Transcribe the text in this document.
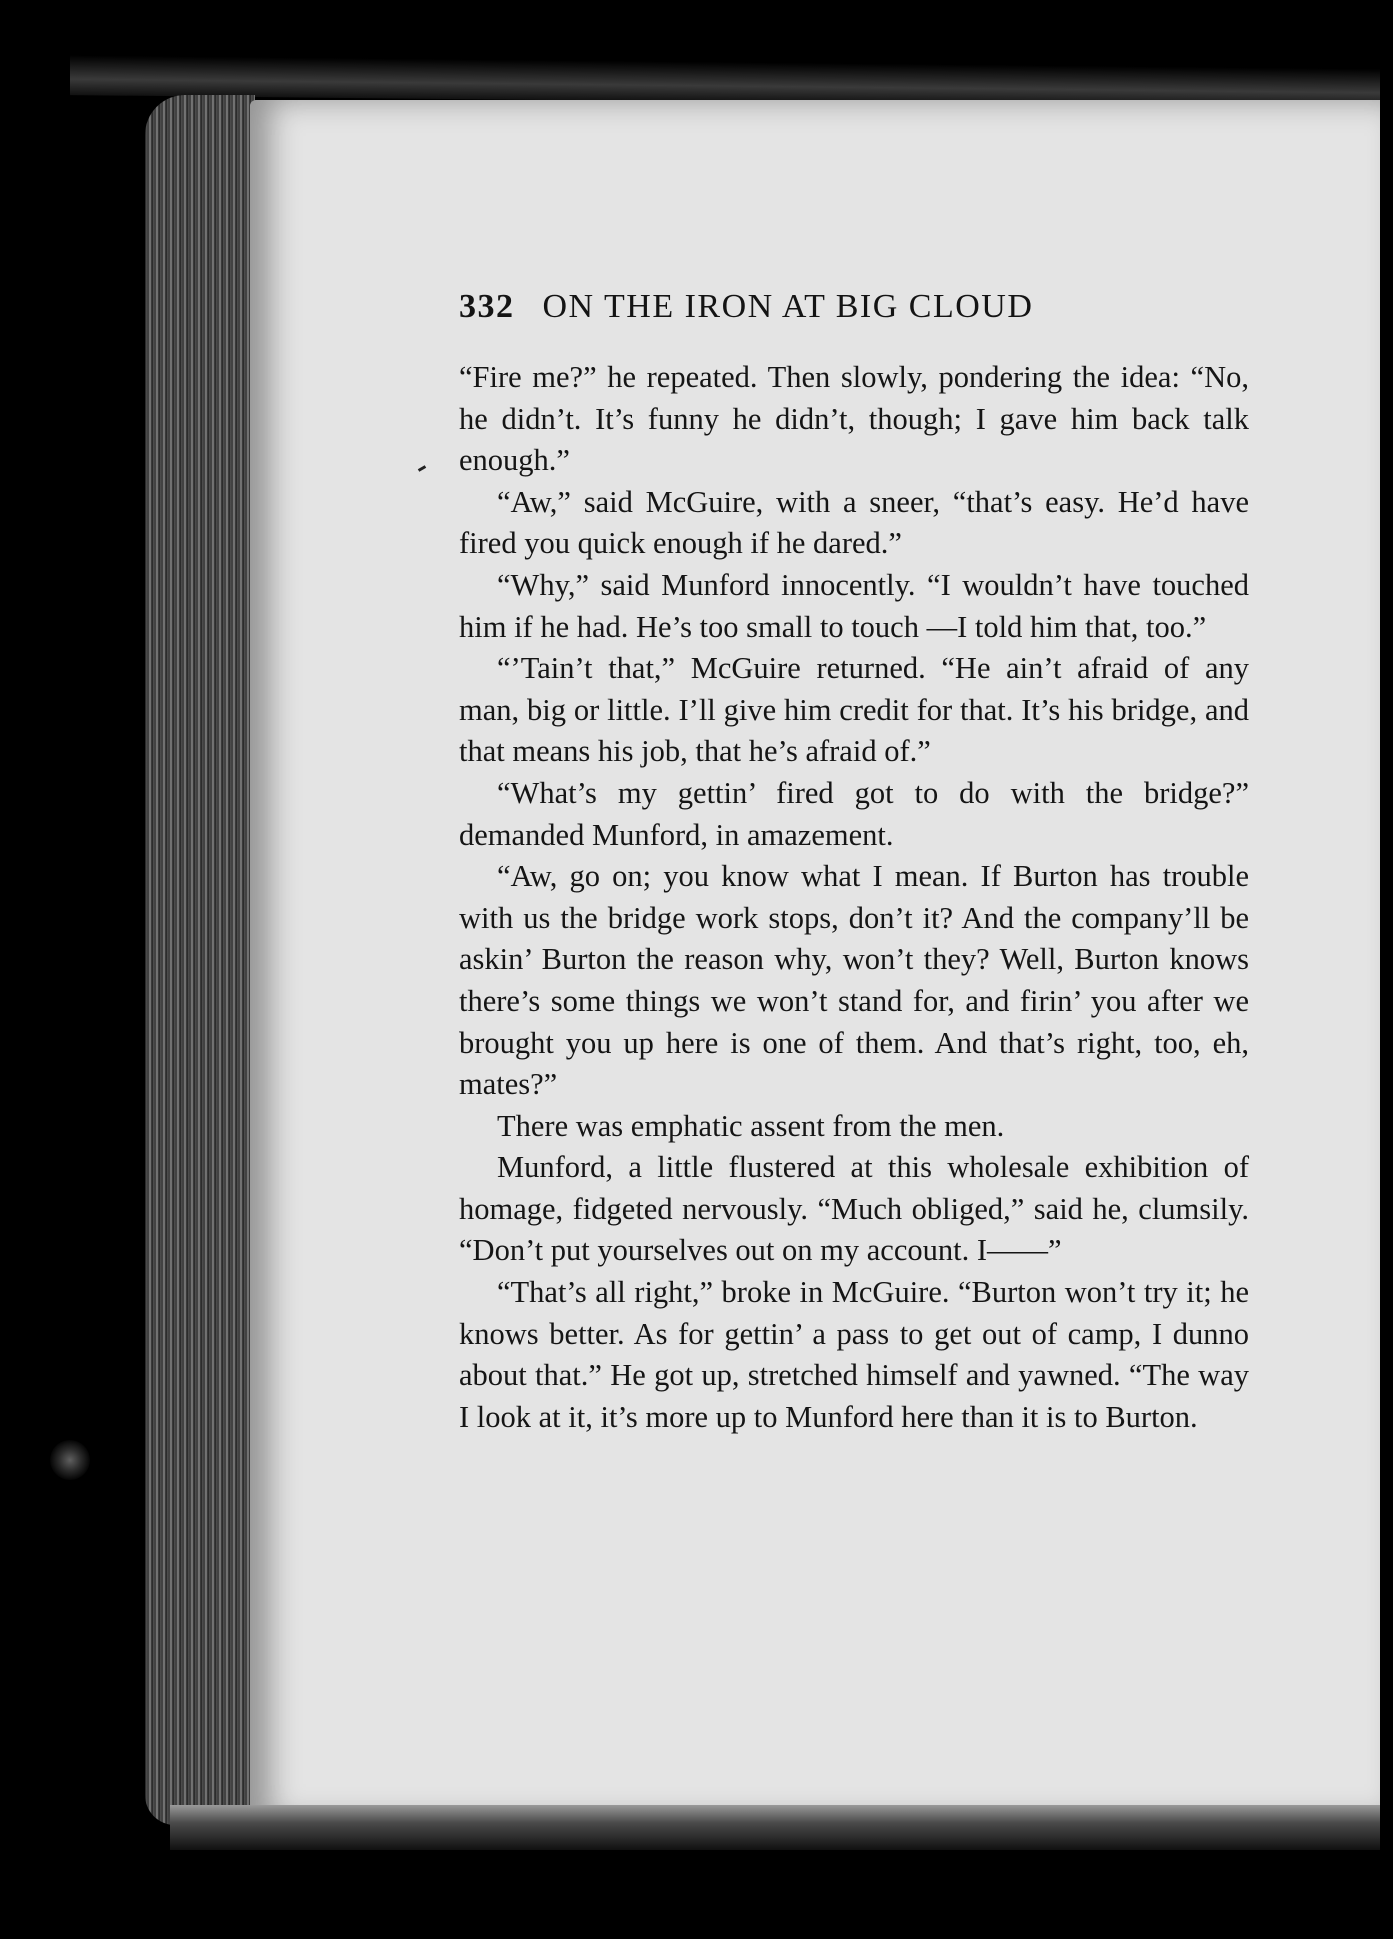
332 ON THE IRON AT BIG CLOUD

“Fire me?” he repeated. Then slowly, pondering the idea: “No, he didn’t. It’s funny he didn’t, though; I gave him back talk enough.”

“Aw,” said McGuire, with a sneer, “that’s easy. He’d have fired you quick enough if he dared.”

“Why,” said Munford innocently. “I wouldn’t have touched him if he had. He’s too small to touch —I told him that, too.”

“’Tain’t that,” McGuire returned. “He ain’t afraid of any man, big or little. I’ll give him credit for that. It’s his bridge, and that means his job, that he’s afraid of.”

“What’s my gettin’ fired got to do with the bridge?” demanded Munford, in amazement.

“Aw, go on; you know what I mean. If Burton has trouble with us the bridge work stops, don’t it? And the company’ll be askin’ Burton the reason why, won’t they? Well, Burton knows there’s some things we won’t stand for, and firin’ you after we brought you up here is one of them. And that’s right, too, eh, mates?”

There was emphatic assent from the men.

Munford, a little flustered at this wholesale exhibition of homage, fidgeted nervously. “Much obliged,” said he, clumsily. “Don’t put yourselves out on my account. I——”

“That’s all right,” broke in McGuire. “Burton won’t try it; he knows better. As for gettin’ a pass to get out of camp, I dunno about that.” He got up, stretched himself and yawned. “The way I look at it, it’s more up to Munford here than it is to Burton.
